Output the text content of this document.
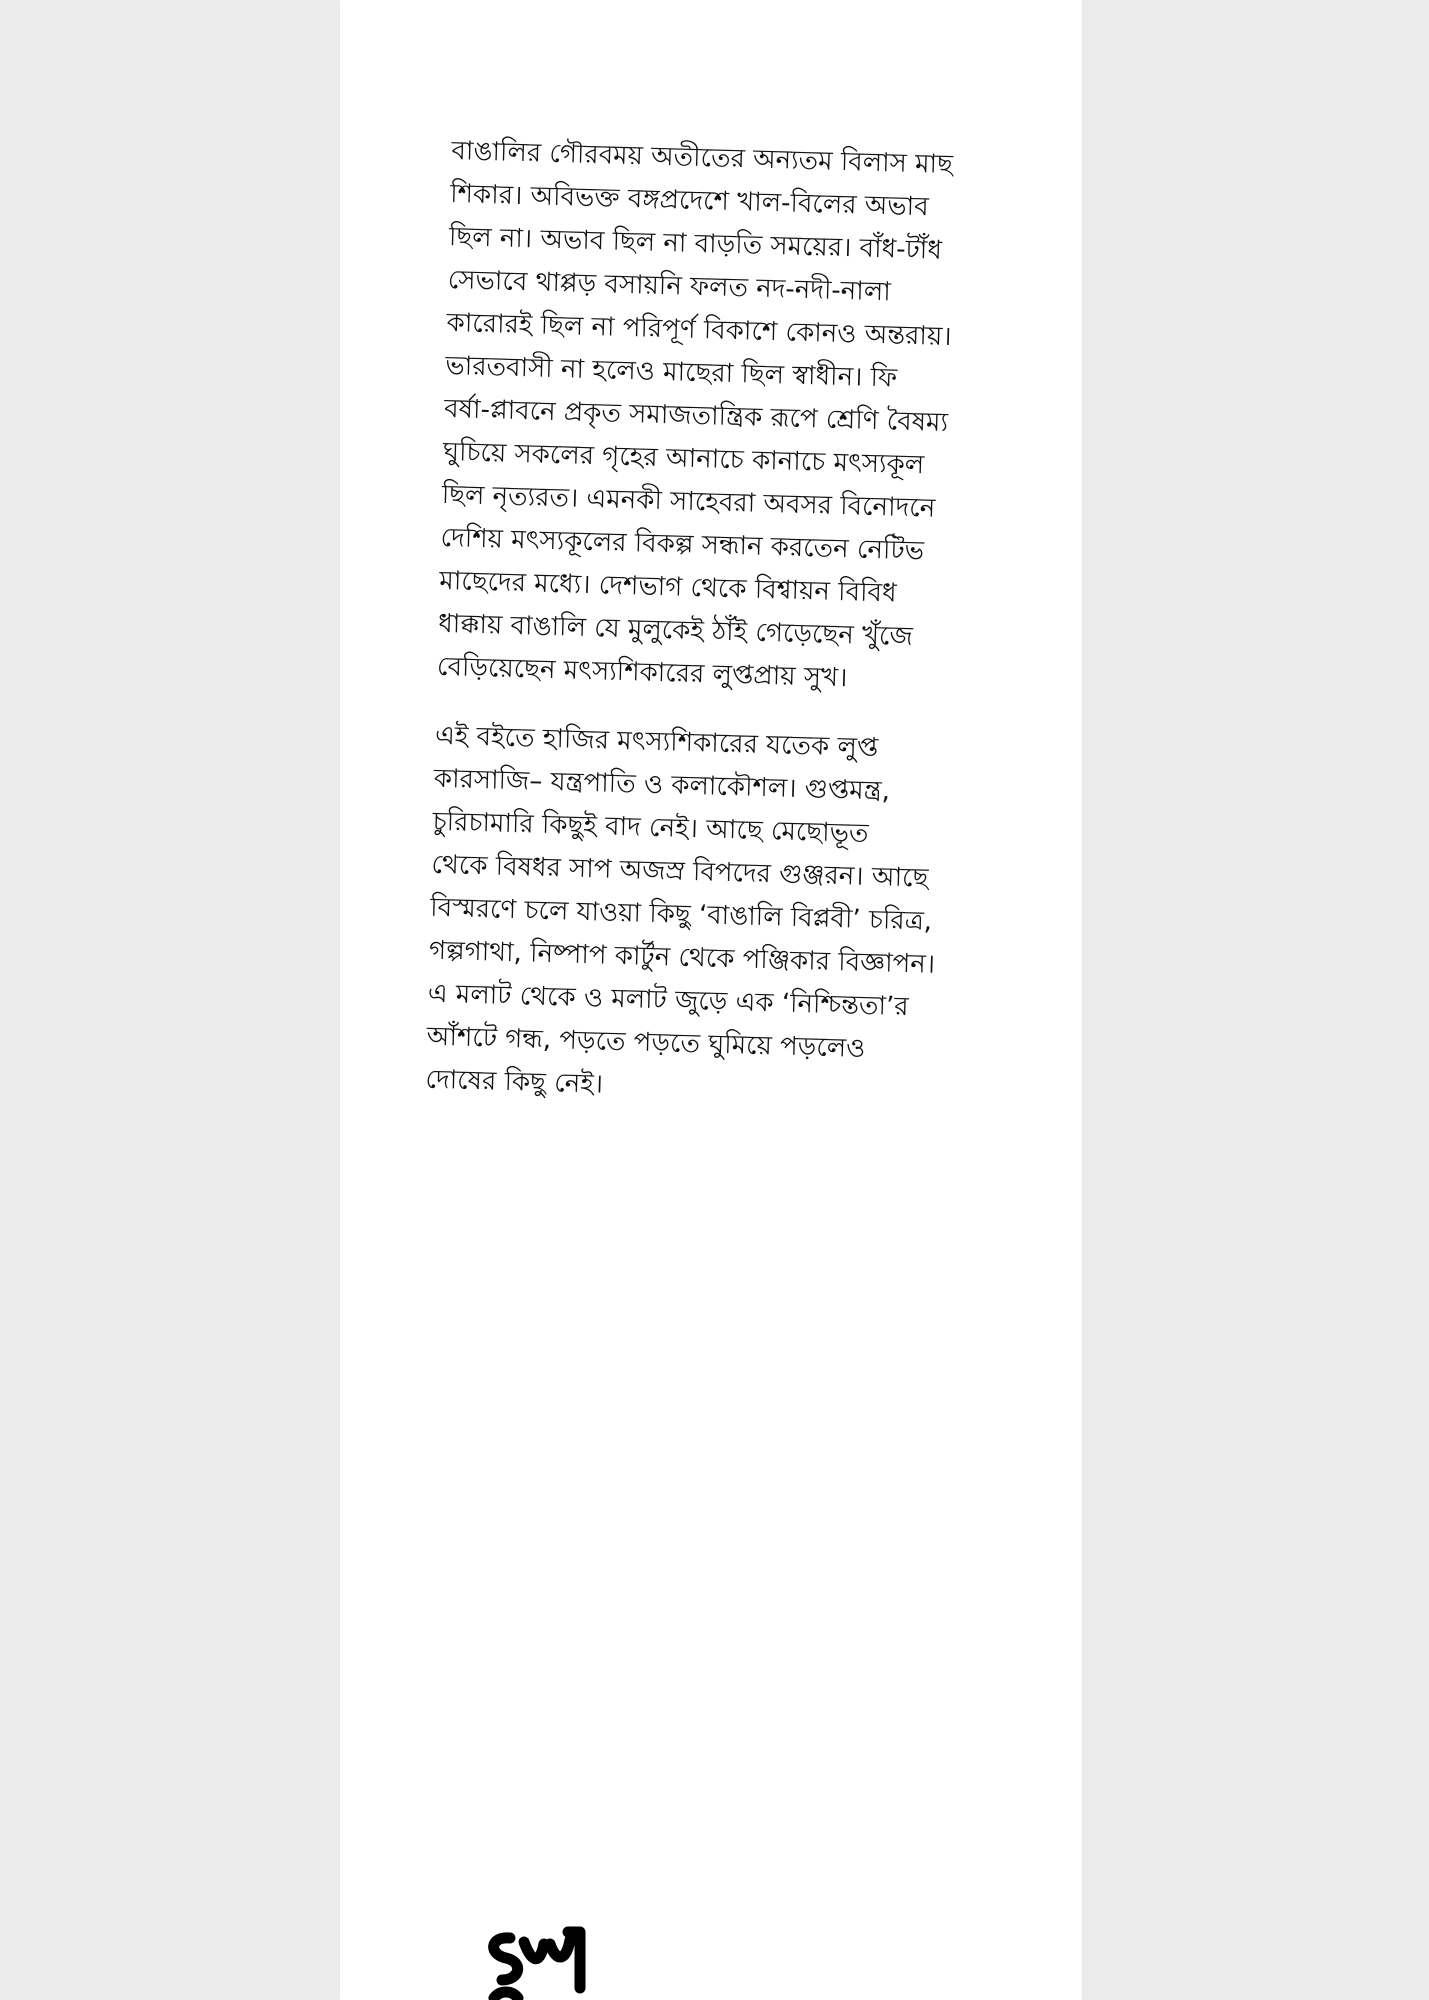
বাঙালির গৌরবময় অতীতের অন্যতম বিলাস মাছ
শিকার। অবিভক্ত বঙ্গপ্রদেশে খাল-বিলের অভাব
ছিল না। অভাব ছিল না বাড়তি সময়ের। বাঁধ-টাঁধ
সেভাবে থাপ্পড় বসায়নি ফলত নদ-নদী-নালা
কারোরই ছিল না পরিপূর্ণ বিকাশে কোনও অন্তরায়।
ভারতবাসী না হলেও মাছেরা ছিল স্বাধীন। ফি
বর্ষা-প্লাবনে প্রকৃত সমাজতান্ত্রিক রূপে শ্রেণি বৈষম্য
ঘুচিয়ে সকলের গৃহের আনাচে কানাচে মৎস্যকূল
ছিল নৃত্যরত। এমনকী সাহেবরা অবসর বিনোদনে
দেশিয় মৎস্যকূলের বিকল্প সন্ধান করতেন নেটিভ
মাছেদের মধ্যে। দেশভাগ থেকে বিশ্বায়ন বিবিধ
ধাক্কায় বাঙালি যে মুলুকেই ঠাঁই গেড়েছেন খুঁজে
বেড়িয়েছেন মৎস্যশিকারের লুপ্তপ্রায় সুখ।

এই বইতে হাজির মৎস্যশিকারের যতেক লুপ্ত
কারসাজি– যন্ত্রপাতি ও কলাকৌশল। গুপ্তমন্ত্র,
চুরিচামারি কিছুই বাদ নেই। আছে মেছোভূত
থেকে বিষধর সাপ অজস্র বিপদের গুঞ্জরন। আছে
বিস্মরণে চলে যাওয়া কিছু ‘বাঙালি বিপ্লবী’ চরিত্র,
গল্পগাথা, নিষ্পাপ কার্টুন থেকে পঞ্জিকার বিজ্ঞাপন।
এ মলাট থেকে ও মলাট জুড়ে এক ‘নিশ্চিন্ততা’র
আঁশটে গন্ধ, পড়তে পড়তে ঘুমিয়ে পড়লেও
দোষের কিছু নেই।
